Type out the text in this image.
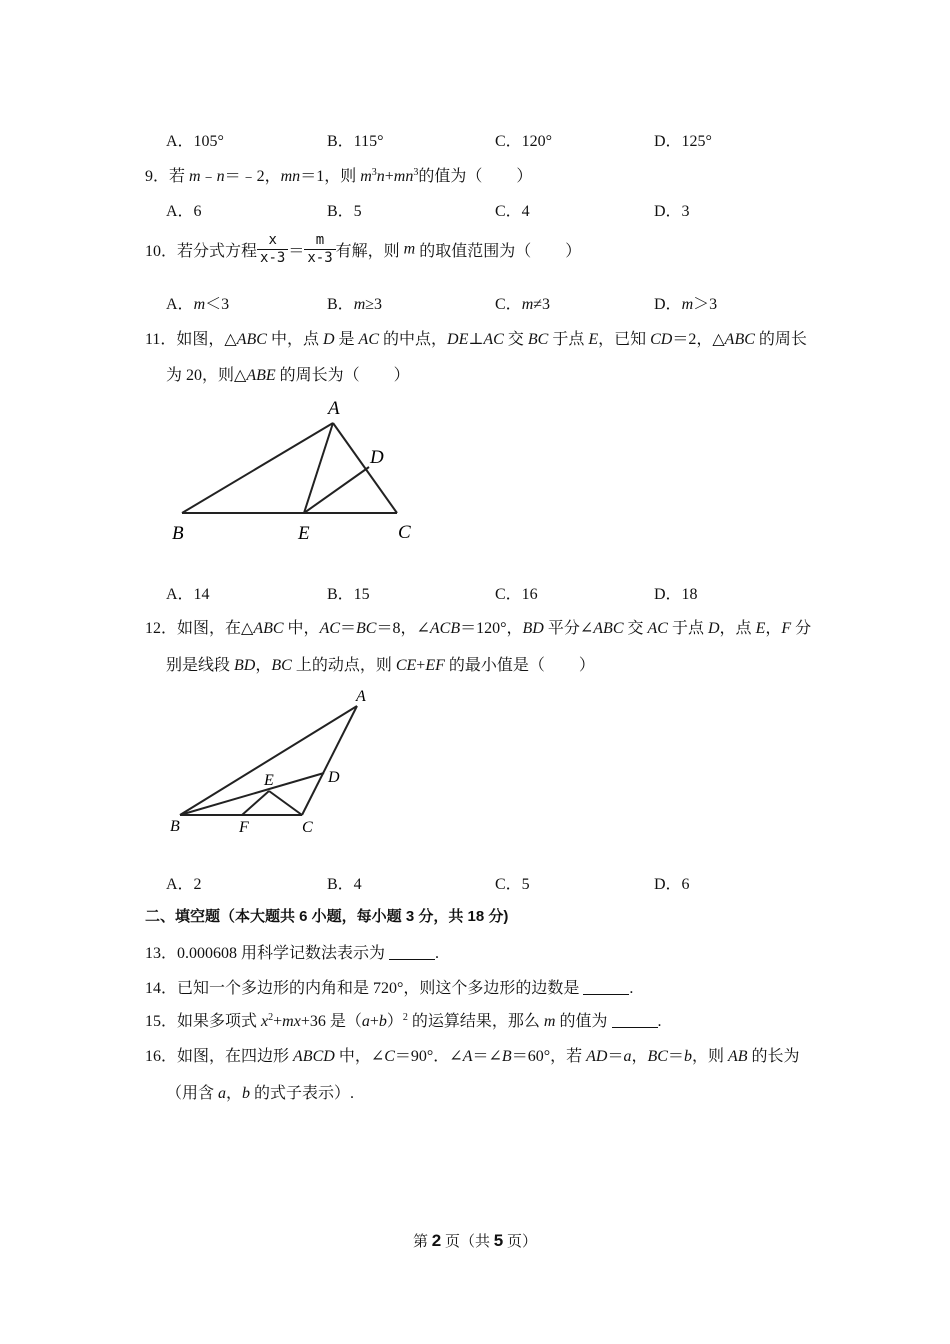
A．105°	B．115°	C．120°	D．125°
9．若 m﹣n＝﹣2，mn＝1，则 $m^3n+mn^3$的值为（ ）
A．6	B．5	C．4	D．3
10．若分式方程 $\frac{x}{x-3} = \frac{m}{x-3}$ 有解，则 m 的取值范围为（ ）
A．m＜3	B．m≥3	C．m≠3	D．m＞3
11．如图，△ABC 中，点 D 是 AC 的中点，DE⊥AC 交 BC 于点 E，已知 CD＝2，△ABC 的周长
为 20，则△ABE 的周长为（ ）
A
B	C
D
E
A．14	B．15	C．16	D．18
12．如图，在△ABC 中，AC＝BC＝8，∠ACB＝120°，BD 平分∠ABC 交 AC 于点 D，点 E，F 分
别是线段 BD，BC 上的动点，则 CE+EF 的最小值是（ ）
A
B	C
D
E
F
A．2	B．4	C．5	D．6
二、填空题（本大题共 6 小题，每小题 3 分，共 18 分)
13．0.000608 用科学记数法表示为	.
14．已知一个多边形的内角和是 720°，则这个多边形的边数是	.
15．如果多项式 $x^2+mx+36$ 是$(a+b)^2$ 的运算结果，那么 m 的值为	.
16．如图，在四边形 ABCD 中，∠C＝90°．∠A＝∠B＝60°，若 AD＝a，BC＝b，则 AB 的长为
（用含 a，b 的式子表示）.
第 2 页（共 5 页）
